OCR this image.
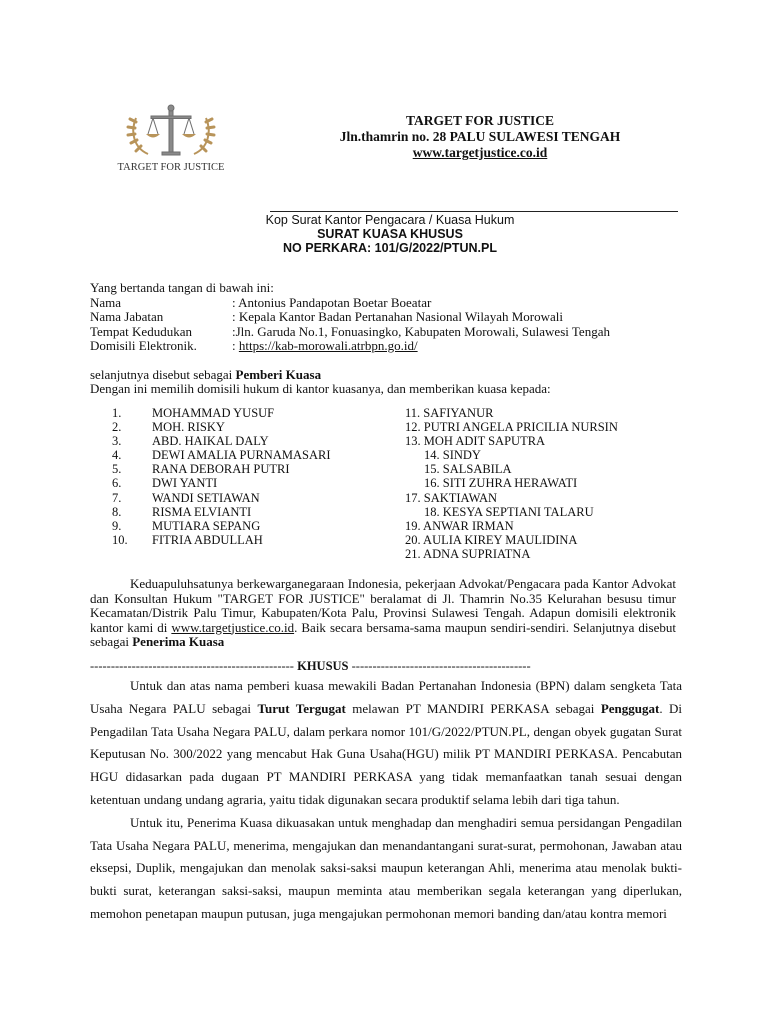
TARGET FOR JUSTICE
TARGET FOR JUSTICE
Jln.thamrin no. 28 PALU SULAWESI TENGAH
www.targetjustice.co.id
Kop Surat Kantor Pengacara / Kuasa Hukum
SURAT KUASA KHUSUS
NO PERKARA: 101/G/2022/PTUN.PL
Yang bertanda tangan di bawah ini:
Nama	: Antonius Pandapotan Boetar Boeatar
Nama Jabatan	: Kepala Kantor Badan Pertanahan Nasional Wilayah Morowali
Tempat Kedudukan	:Jln. Garuda No.1, Fonuasingko, Kabupaten Morowali, Sulawesi Tengah
Domisili Elektronik.	: https://kab-morowali.atrbpn.go.id/
selanjutnya disebut sebagai Pemberi Kuasa
Dengan ini memilih domisili hukum di kantor kuasanya, dan memberikan kuasa kepada:
1.	MOHAMMAD YUSUF
2.	MOH. RISKY
3.	ABD. HAIKAL DALY
4.	DEWI AMALIA PURNAMASARI
5.	RANA DEBORAH PUTRI
6.	DWI YANTI
7.	WANDI SETIAWAN
8.	RISMA ELVIANTI
9.	MUTIARA SEPANG
10.	FITRIA ABDULLAH
11. SAFIYANUR
12. PUTRI ANGELA PRICILIA NURSIN
13. MOH ADIT SAPUTRA
14. SINDY
15. SALSABILA
16. SITI ZUHRA HERAWATI
17. SAKTIAWAN
18. KESYA SEPTIANI TALARU
19. ANWAR IRMAN
20. AULIA KIREY MAULIDINA
21. ADNA SUPRIATNA
Keduapuluhsatunya berkewarganegaraan Indonesia, pekerjaan Advokat/Pengacara pada Kantor Advokat dan Konsultan Hukum "TARGET FOR JUSTICE" beralamat di Jl. Thamrin No.35 Kelurahan besusu timur Kecamatan/Distrik Palu Timur, Kabupaten/Kota Palu, Provinsi Sulawesi Tengah. Adapun domisili elektronik kantor kami di www.targetjustice.co.id. Baik secara bersama-sama maupun sendiri-sendiri. Selanjutnya disebut sebagai Penerima Kuasa
------------------------------------------------- KHUSUS -------------------------------------------
Untuk dan atas nama pemberi kuasa mewakili Badan Pertanahan Indonesia (BPN) dalam sengketa Tata Usaha Negara PALU sebagai Turut Tergugat melawan PT MANDIRI PERKASA sebagai Penggugat. Di Pengadilan Tata Usaha Negara PALU, dalam perkara nomor 101/G/2022/PTUN.PL, dengan obyek gugatan Surat Keputusan No. 300/2022 yang mencabut Hak Guna Usaha(HGU) milik PT MANDIRI PERKASA. Pencabutan HGU didasarkan pada dugaan PT MANDIRI PERKASA yang tidak memanfaatkan tanah sesuai dengan ketentuan undang undang agraria, yaitu tidak digunakan secara produktif selama lebih dari tiga tahun.
Untuk itu, Penerima Kuasa dikuasakan untuk menghadap dan menghadiri semua persidangan Pengadilan Tata Usaha Negara PALU, menerima, mengajukan dan menandantangani surat-surat, permohonan, Jawaban atau eksepsi, Duplik, mengajukan dan menolak saksi-saksi maupun keterangan Ahli, menerima atau menolak bukti-bukti surat, keterangan saksi-saksi, maupun meminta atau memberikan segala keterangan yang diperlukan, memohon penetapan maupun putusan, juga mengajukan permohonan memori banding dan/atau kontra memori
